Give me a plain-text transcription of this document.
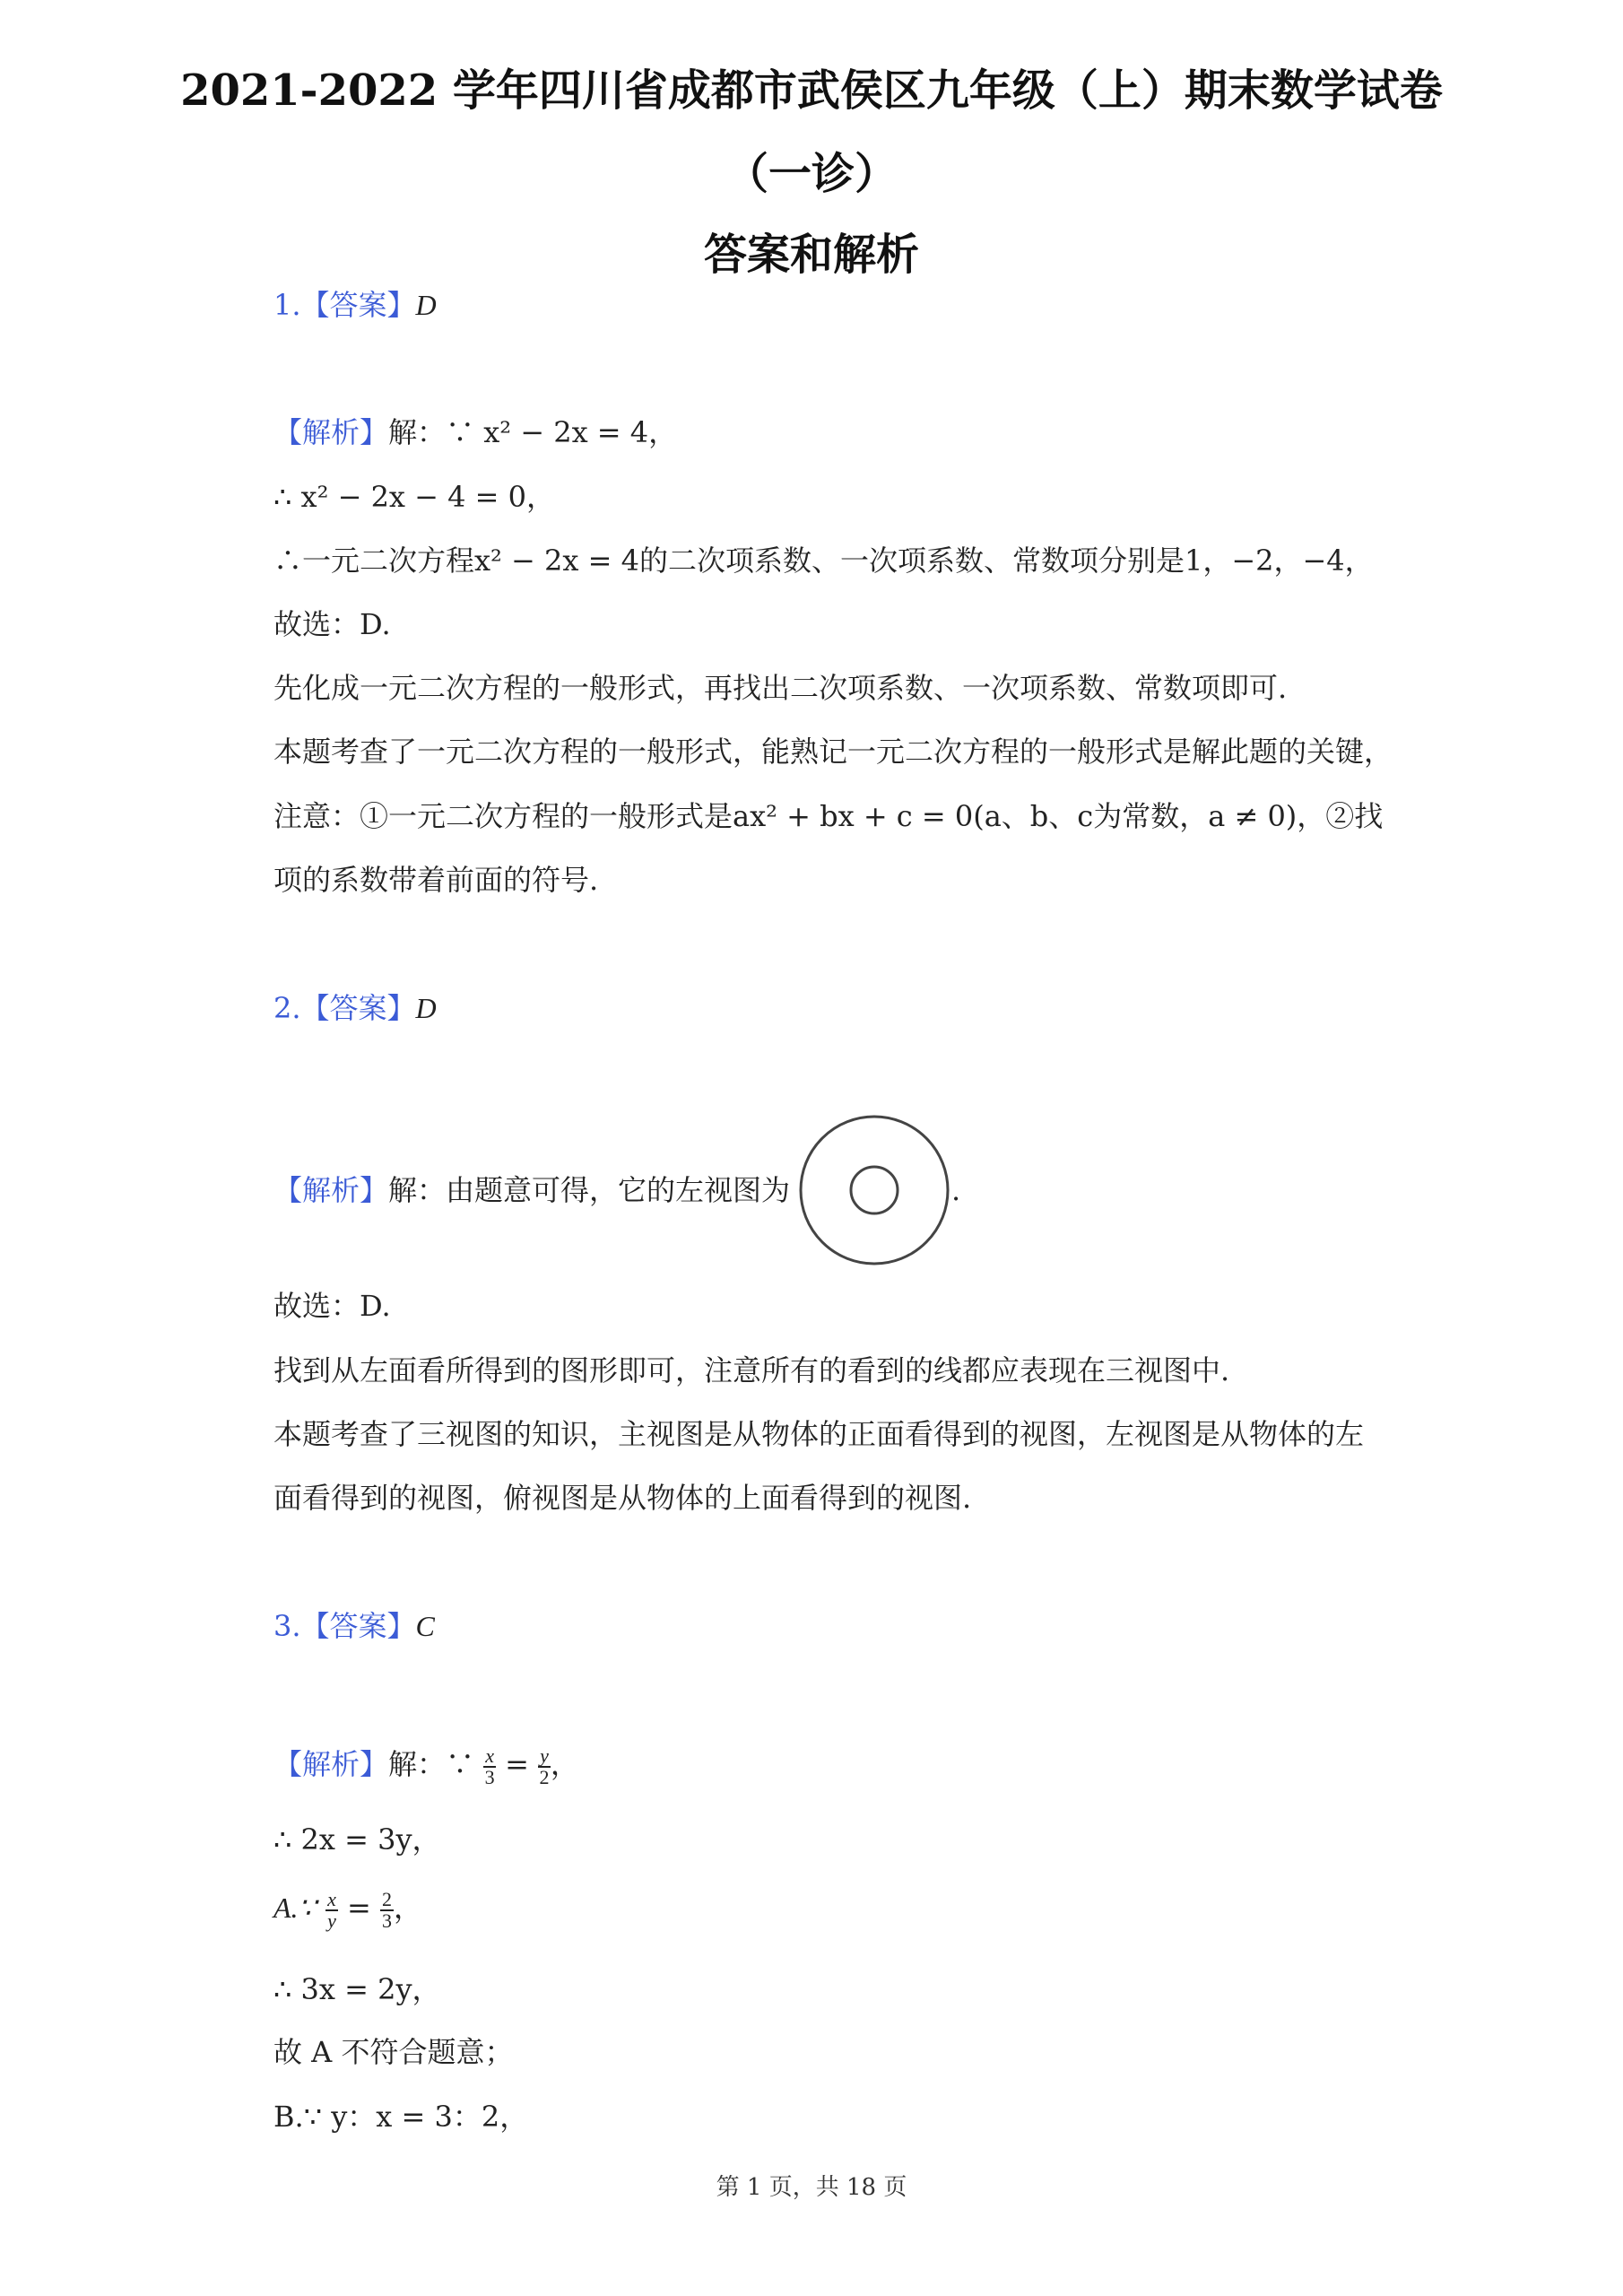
2021-2022 学年四川省成都市武侯区九年级（上）期末数学试卷
（一诊）
答案和解析
1.【答案】D
【解析】解：∵ x² − 2x = 4，
∴ x² − 2x − 4 = 0，
∴一元二次方程x² − 2x = 4的二次项系数、一次项系数、常数项分别是1，−2，−4，
故选：D.
先化成一元二次方程的一般形式，再找出二次项系数、一次项系数、常数项即可.
本题考查了一元二次方程的一般形式，能熟记一元二次方程的一般形式是解此题的关键，
注意：①一元二次方程的一般形式是ax² + bx + c = 0(a、b、c为常数，a ≠ 0)，②找
项的系数带着前面的符号.
2.【答案】D
【解析】解：由题意可得，它的左视图为	.
故选：D.
找到从左面看所得到的图形即可，注意所有的看到的线都应表现在三视图中.
本题考查了三视图的知识，主视图是从物体的正面看得到的视图，左视图是从物体的左
面看得到的视图，俯视图是从物体的上面看得到的视图.
3.【答案】C
【解析】解：∵ $\frac{x}{3} = \frac{y}{2}$ ，
∴ 2x = 3y，
A.∵ $\frac{x}{y} = \frac{2}{3}$ ，
∴ 3x = 2y，
故 A 不符合题意；
B.∵ y：x = 3：2，
第 1 页，共 18 页
